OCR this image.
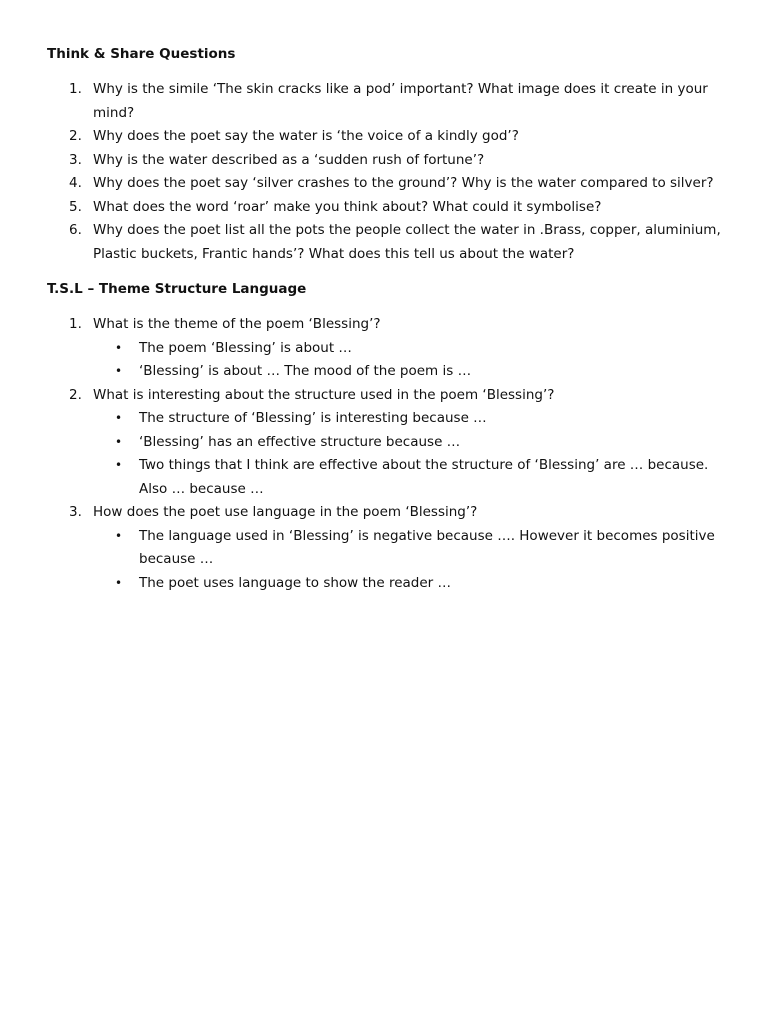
Think & Share Questions
1. Why is the simile ‘The skin cracks like a pod’ important? What image does it create in your mind?
2. Why does the poet say the water is ‘the voice of a kindly god’?
3. Why is the water described as a ‘sudden rush of fortune’?
4. Why does the poet say ‘silver crashes to the ground’? Why is the water compared to silver?
5. What does the word ‘roar’ make you think about? What could it symbolise?
6. Why does the poet list all the pots the people collect the water in .Brass, copper, aluminium, Plastic buckets, Frantic hands’? What does this tell us about the water?
T.S.L – Theme Structure Language
1. What is the theme of the poem ‘Blessing’?
• The poem ‘Blessing’ is about …
• ‘Blessing’ is about … The mood of the poem is …
2. What is interesting about the structure used in the poem ‘Blessing’?
• The structure of ‘Blessing’ is interesting because …
• ‘Blessing’ has an effective structure because …
• Two things that I think are effective about the structure of ‘Blessing’ are … because. Also … because …
3. How does the poet use language in the poem ‘Blessing’?
• The language used in ‘Blessing’ is negative because …. However it becomes positive because …
• The poet uses language to show the reader …
